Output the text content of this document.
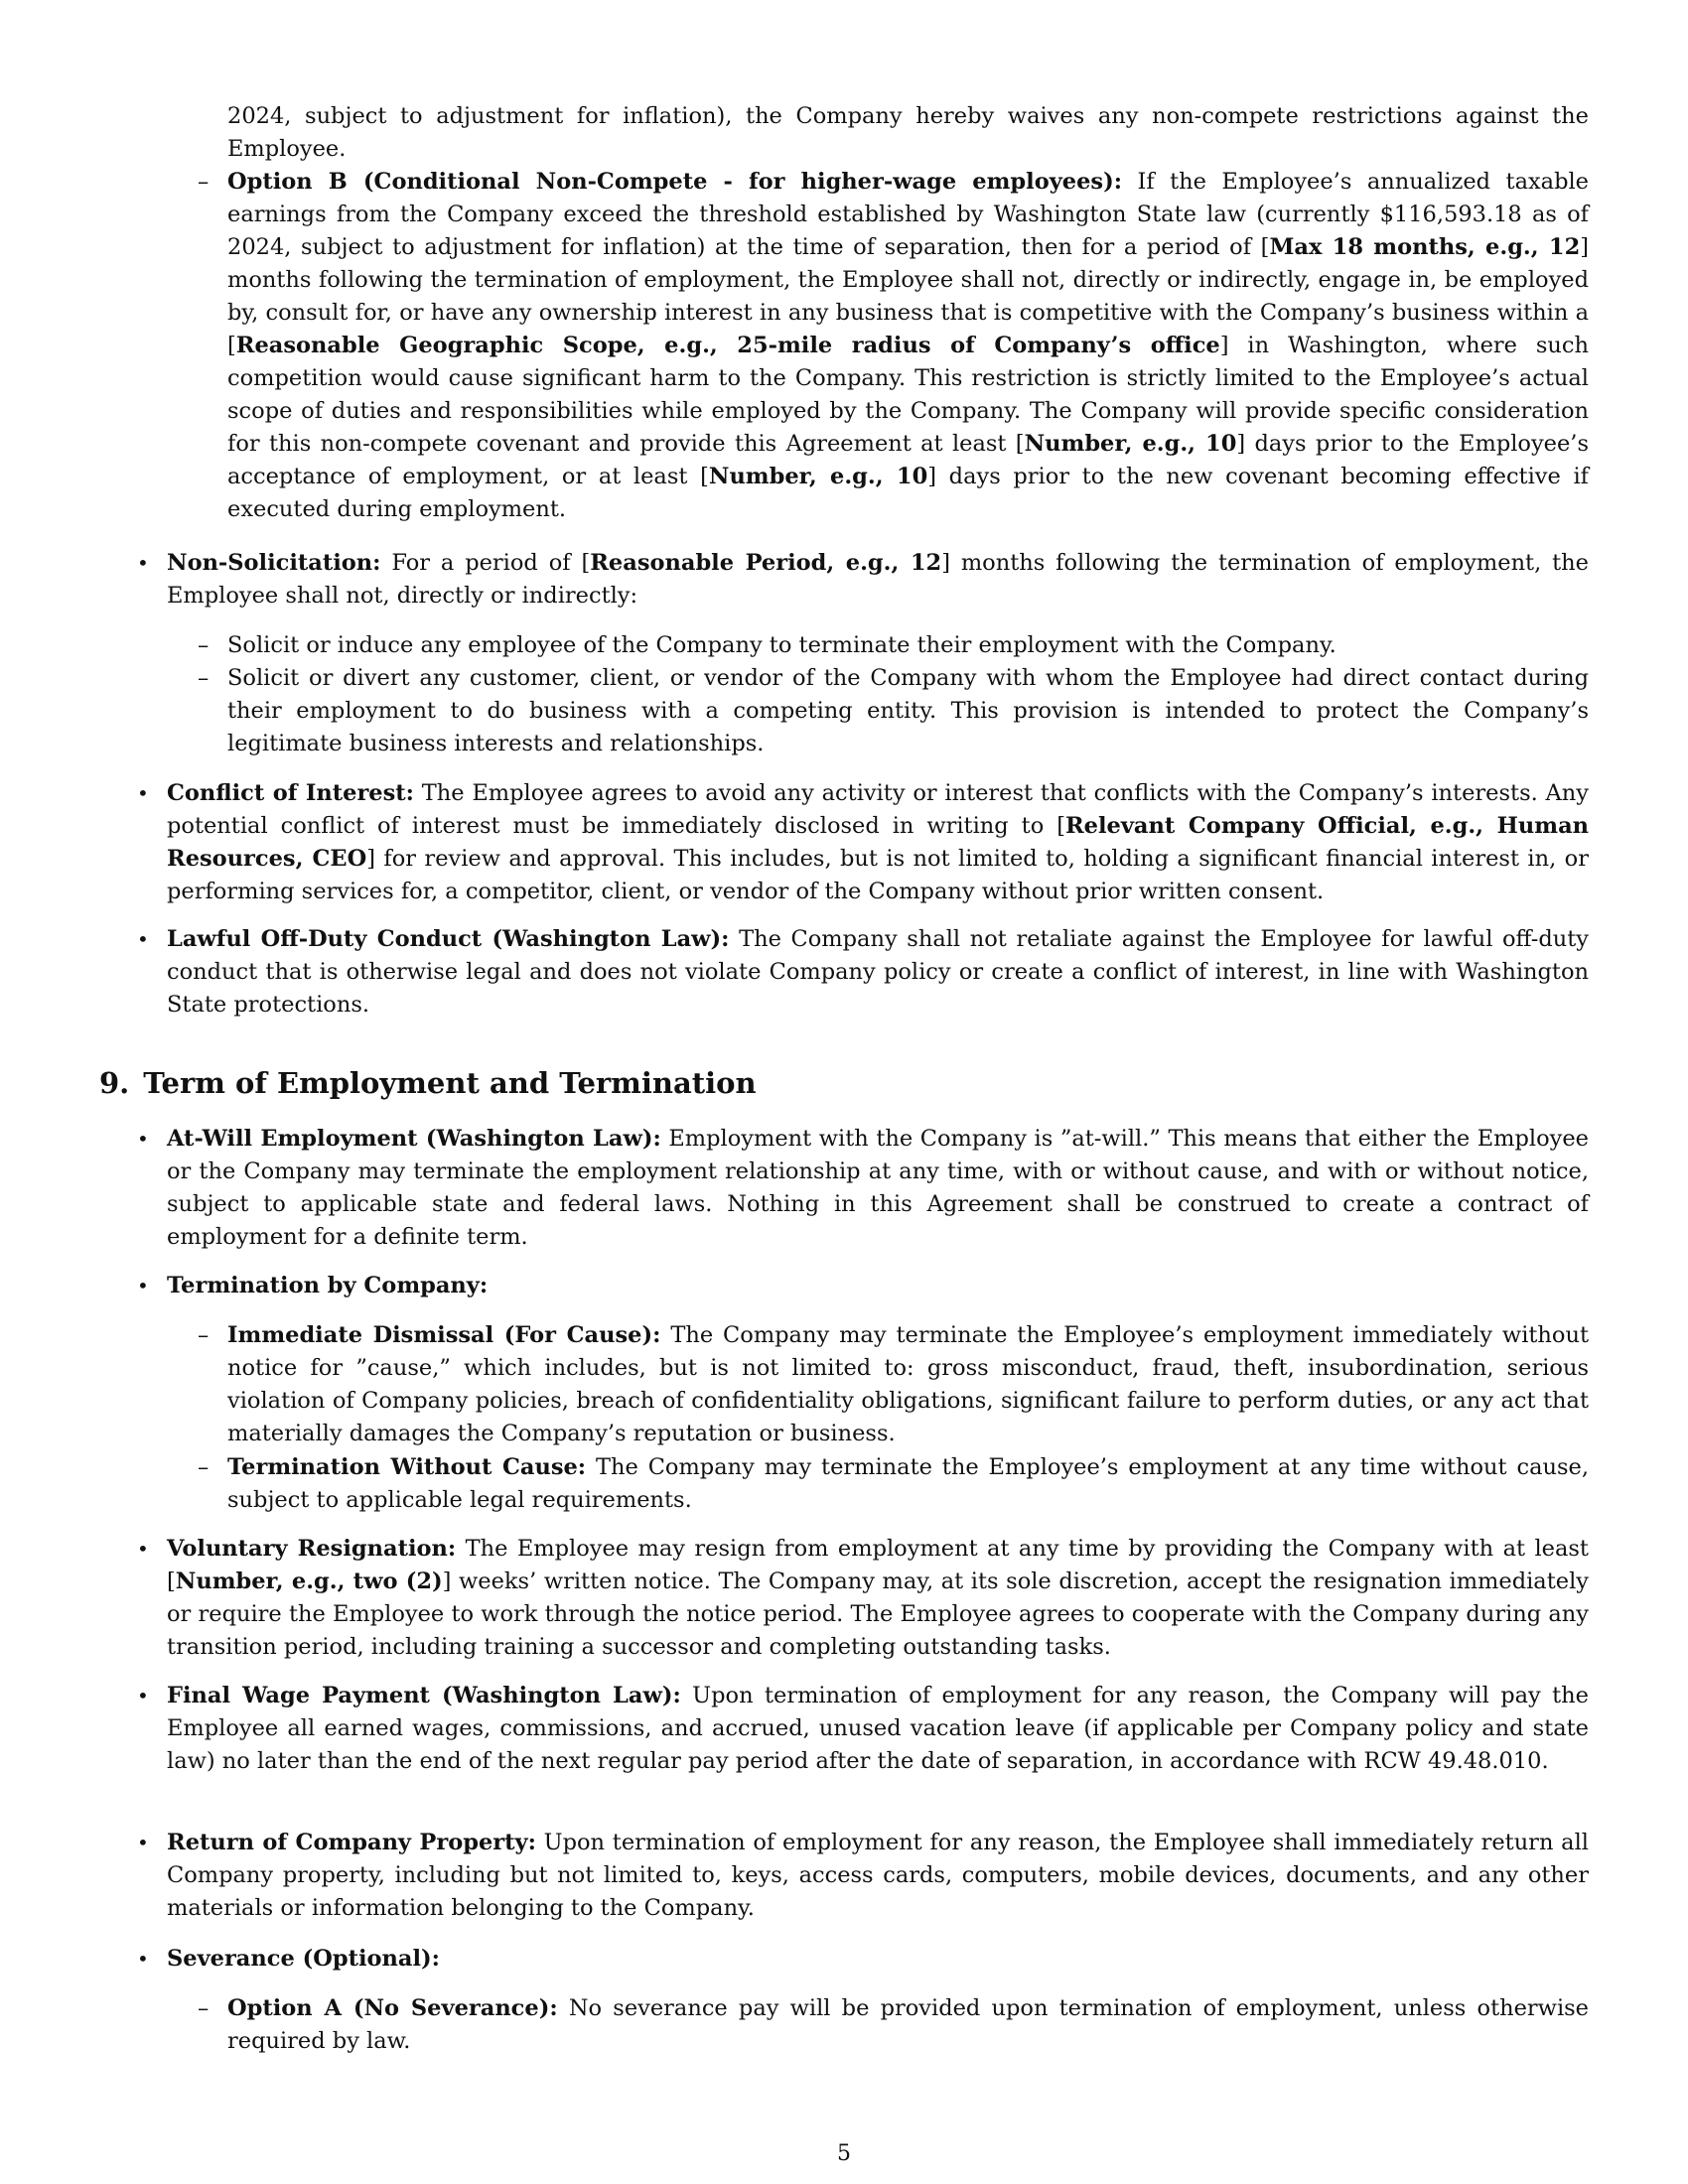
2024, subject to adjustment for inflation), the Company hereby waives any non-compete restrictions against the Employee.

– Option B (Conditional Non-Compete - for higher-wage employees): If the Employee’s annualized taxable earnings from the Company exceed the threshold established by Washington State law (currently $116,593.18 as of 2024, subject to adjustment for inflation) at the time of separation, then for a period of [Max 18 months, e.g., 12] months following the termination of employment, the Employee shall not, directly or indirectly, engage in, be employed by, consult for, or have any ownership interest in any business that is competitive with the Company’s business within a [Reasonable Geographic Scope, e.g., 25-mile radius of Company’s office] in Washington, where such competition would cause significant harm to the Company. This restriction is strictly limited to the Employee’s actual scope of duties and responsibilities while employed by the Company. The Company will provide specific consideration for this non-compete covenant and provide this Agreement at least [Number, e.g., 10] days prior to the Employee’s acceptance of employment, or at least [Number, e.g., 10] days prior to the new covenant becoming effective if executed during employment.

• Non-Solicitation: For a period of [Reasonable Period, e.g., 12] months following the termination of employment, the Employee shall not, directly or indirectly:

– Solicit or induce any employee of the Company to terminate their employment with the Company.

– Solicit or divert any customer, client, or vendor of the Company with whom the Employee had direct contact during their employment to do business with a competing entity. This provision is intended to protect the Company’s legitimate business interests and relationships.

• Conflict of Interest: The Employee agrees to avoid any activity or interest that conflicts with the Company’s interests. Any potential conflict of interest must be immediately disclosed in writing to [Relevant Company Official, e.g., Human Resources, CEO] for review and approval. This includes, but is not limited to, holding a significant financial interest in, or performing services for, a competitor, client, or vendor of the Company without prior written consent.

• Lawful Off-Duty Conduct (Washington Law): The Company shall not retaliate against the Employee for lawful off-duty conduct that is otherwise legal and does not violate Company policy or create a conflict of interest, in line with Washington State protections.

9. Term of Employment and Termination
• At-Will Employment (Washington Law): Employment with the Company is ”at-will.” This means that either the Employee or the Company may terminate the employment relationship at any time, with or without cause, and with or without notice, subject to applicable state and federal laws. Nothing in this Agreement shall be construed to create a contract of employment for a definite term.

• Termination by Company:

– Immediate Dismissal (For Cause): The Company may terminate the Employee’s employment immediately without notice for ”cause,” which includes, but is not limited to: gross misconduct, fraud, theft, insubordination, serious violation of Company policies, breach of confidentiality obligations, significant failure to perform duties, or any act that materially damages the Company’s reputation or business.

– Termination Without Cause: The Company may terminate the Employee’s employment at any time without cause, subject to applicable legal requirements.

• Voluntary Resignation: The Employee may resign from employment at any time by providing the Company with at least [Number, e.g., two (2)] weeks’ written notice. The Company may, at its sole discretion, accept the resignation immediately or require the Employee to work through the notice period. The Employee agrees to cooperate with the Company during any transition period, including training a successor and completing outstanding tasks.

• Final Wage Payment (Washington Law): Upon termination of employment for any reason, the Company will pay the Employee all earned wages, commissions, and accrued, unused vacation leave (if applicable per Company policy and state law) no later than the end of the next regular pay period after the date of separation, in accordance with RCW 49.48.010.

• Return of Company Property: Upon termination of employment for any reason, the Employee shall immediately return all Company property, including but not limited to, keys, access cards, computers, mobile devices, documents, and any other materials or information belonging to the Company.

• Severance (Optional):

– Option A (No Severance): No severance pay will be provided upon termination of employment, unless otherwise required by law.

5
